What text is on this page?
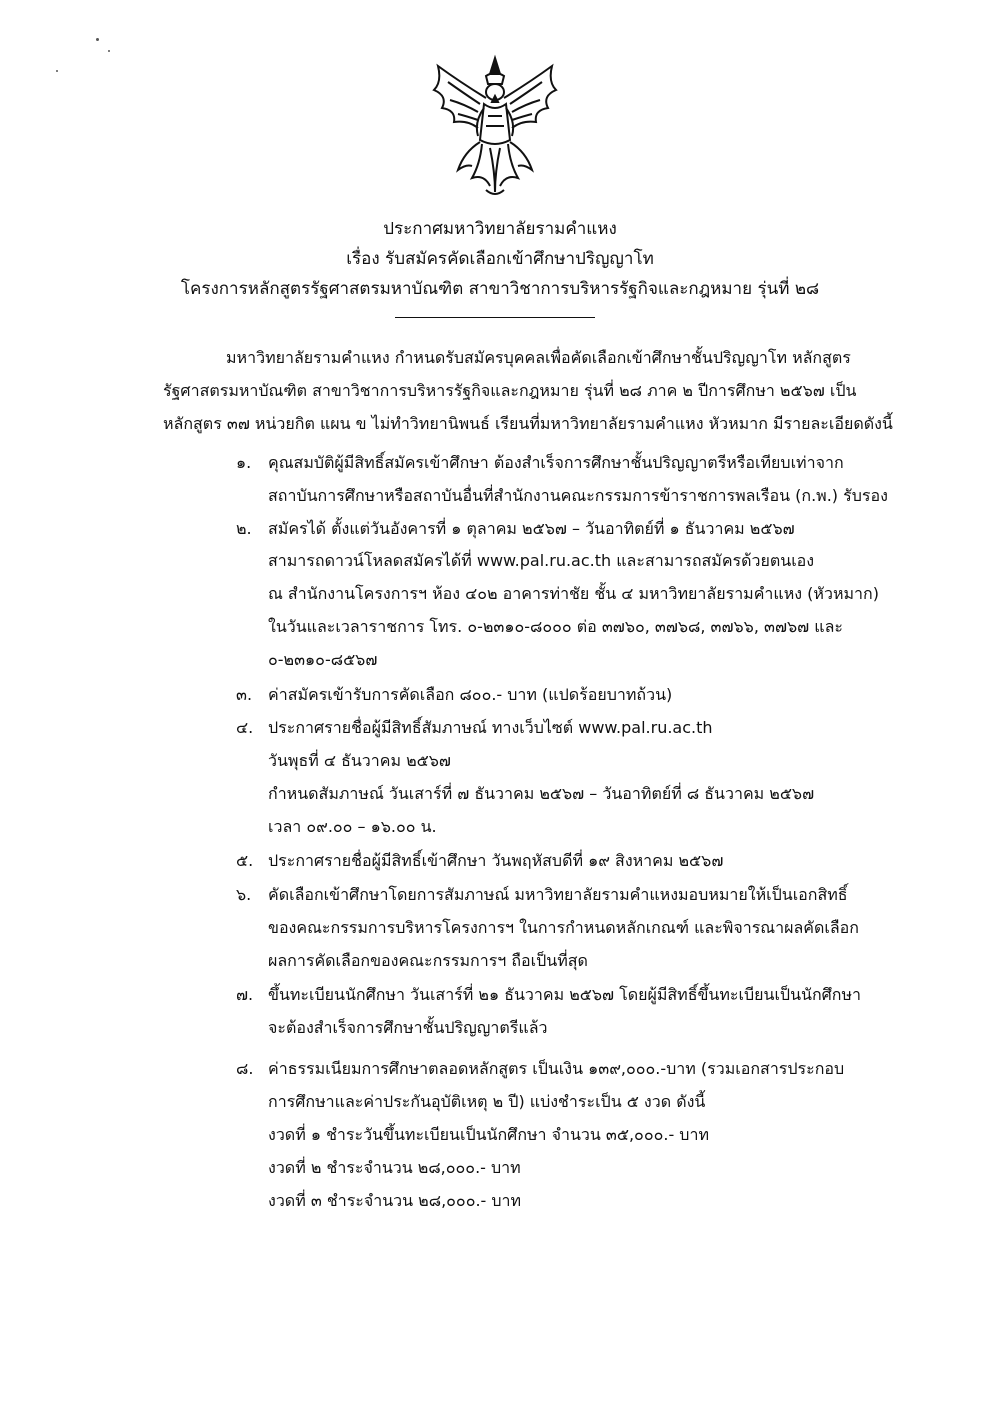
ประกาศมหาวิทยาลัยรามคำแหง
เรื่อง รับสมัครคัดเลือกเข้าศึกษาปริญญาโท
โครงการหลักสูตรรัฐศาสตรมหาบัณฑิต สาขาวิชาการบริหารรัฐกิจและกฎหมาย รุ่นที่ ๒๘
มหาวิทยาลัยรามคำแหง กำหนดรับสมัครบุคคลเพื่อคัดเลือกเข้าศึกษาชั้นปริญญาโท หลักสูตร
รัฐศาสตรมหาบัณฑิต สาขาวิชาการบริหารรัฐกิจและกฎหมาย รุ่นที่ ๒๘ ภาค ๒ ปีการศึกษา ๒๕๖๗ เป็น
หลักสูตร ๓๗ หน่วยกิต แผน ข ไม่ทำวิทยานิพนธ์ เรียนที่มหาวิทยาลัยรามคำแหง หัวหมาก มีรายละเอียดดังนี้
๑. คุณสมบัติผู้มีสิทธิ์สมัครเข้าศึกษา ต้องสำเร็จการศึกษาชั้นปริญญาตรีหรือเทียบเท่าจาก
สถาบันการศึกษาหรือสถาบันอื่นที่สำนักงานคณะกรรมการข้าราชการพลเรือน (ก.พ.) รับรอง
๒. สมัครได้ ตั้งแต่วันอังคารที่ ๑ ตุลาคม ๒๕๖๗ – วันอาทิตย์ที่ ๑ ธันวาคม ๒๕๖๗
สามารถดาวน์โหลดสมัครได้ที่ www.pal.ru.ac.th และสามารถสมัครด้วยตนเอง
ณ สำนักงานโครงการฯ ห้อง ๔๐๒ อาคารท่าชัย ชั้น ๔ มหาวิทยาลัยรามคำแหง (หัวหมาก)
ในวันและเวลาราชการ โทร. ๐-๒๓๑๐-๘๐๐๐ ต่อ ๓๗๖๐, ๓๗๖๘, ๓๗๖๖, ๓๗๖๗ และ
๐-๒๓๑๐-๘๕๖๗
๓. ค่าสมัครเข้ารับการคัดเลือก ๘๐๐.- บาท (แปดร้อยบาทถ้วน)
๔. ประกาศรายชื่อผู้มีสิทธิ์สัมภาษณ์ ทางเว็บไซต์ www.pal.ru.ac.th
วันพุธที่ ๔ ธันวาคม ๒๕๖๗
กำหนดสัมภาษณ์ วันเสาร์ที่ ๗ ธันวาคม ๒๕๖๗ – วันอาทิตย์ที่ ๘ ธันวาคม ๒๕๖๗
เวลา ๐๙.๐๐ – ๑๖.๐๐ น.
๕. ประกาศรายชื่อผู้มีสิทธิ์เข้าศึกษา วันพฤหัสบดีที่ ๑๙ สิงหาคม ๒๕๖๗
๖. คัดเลือกเข้าศึกษาโดยการสัมภาษณ์ มหาวิทยาลัยรามคำแหงมอบหมายให้เป็นเอกสิทธิ์
ของคณะกรรมการบริหารโครงการฯ ในการกำหนดหลักเกณฑ์ และพิจารณาผลคัดเลือก
ผลการคัดเลือกของคณะกรรมการฯ ถือเป็นที่สุด
๗. ขึ้นทะเบียนนักศึกษา วันเสาร์ที่ ๒๑ ธันวาคม ๒๕๖๗ โดยผู้มีสิทธิ์ขึ้นทะเบียนเป็นนักศึกษา
จะต้องสำเร็จการศึกษาชั้นปริญญาตรีแล้ว
๘. ค่าธรรมเนียมการศึกษาตลอดหลักสูตร เป็นเงิน ๑๓๙,๐๐๐.-บาท (รวมเอกสารประกอบ
การศึกษาและค่าประกันอุบัติเหตุ ๒ ปี) แบ่งชำระเป็น ๕ งวด ดังนี้
งวดที่ ๑ ชำระวันขึ้นทะเบียนเป็นนักศึกษา จำนวน ๓๕,๐๐๐.- บาท
งวดที่ ๒ ชำระจำนวน ๒๘,๐๐๐.- บาท
งวดที่ ๓ ชำระจำนวน ๒๘,๐๐๐.- บาท
